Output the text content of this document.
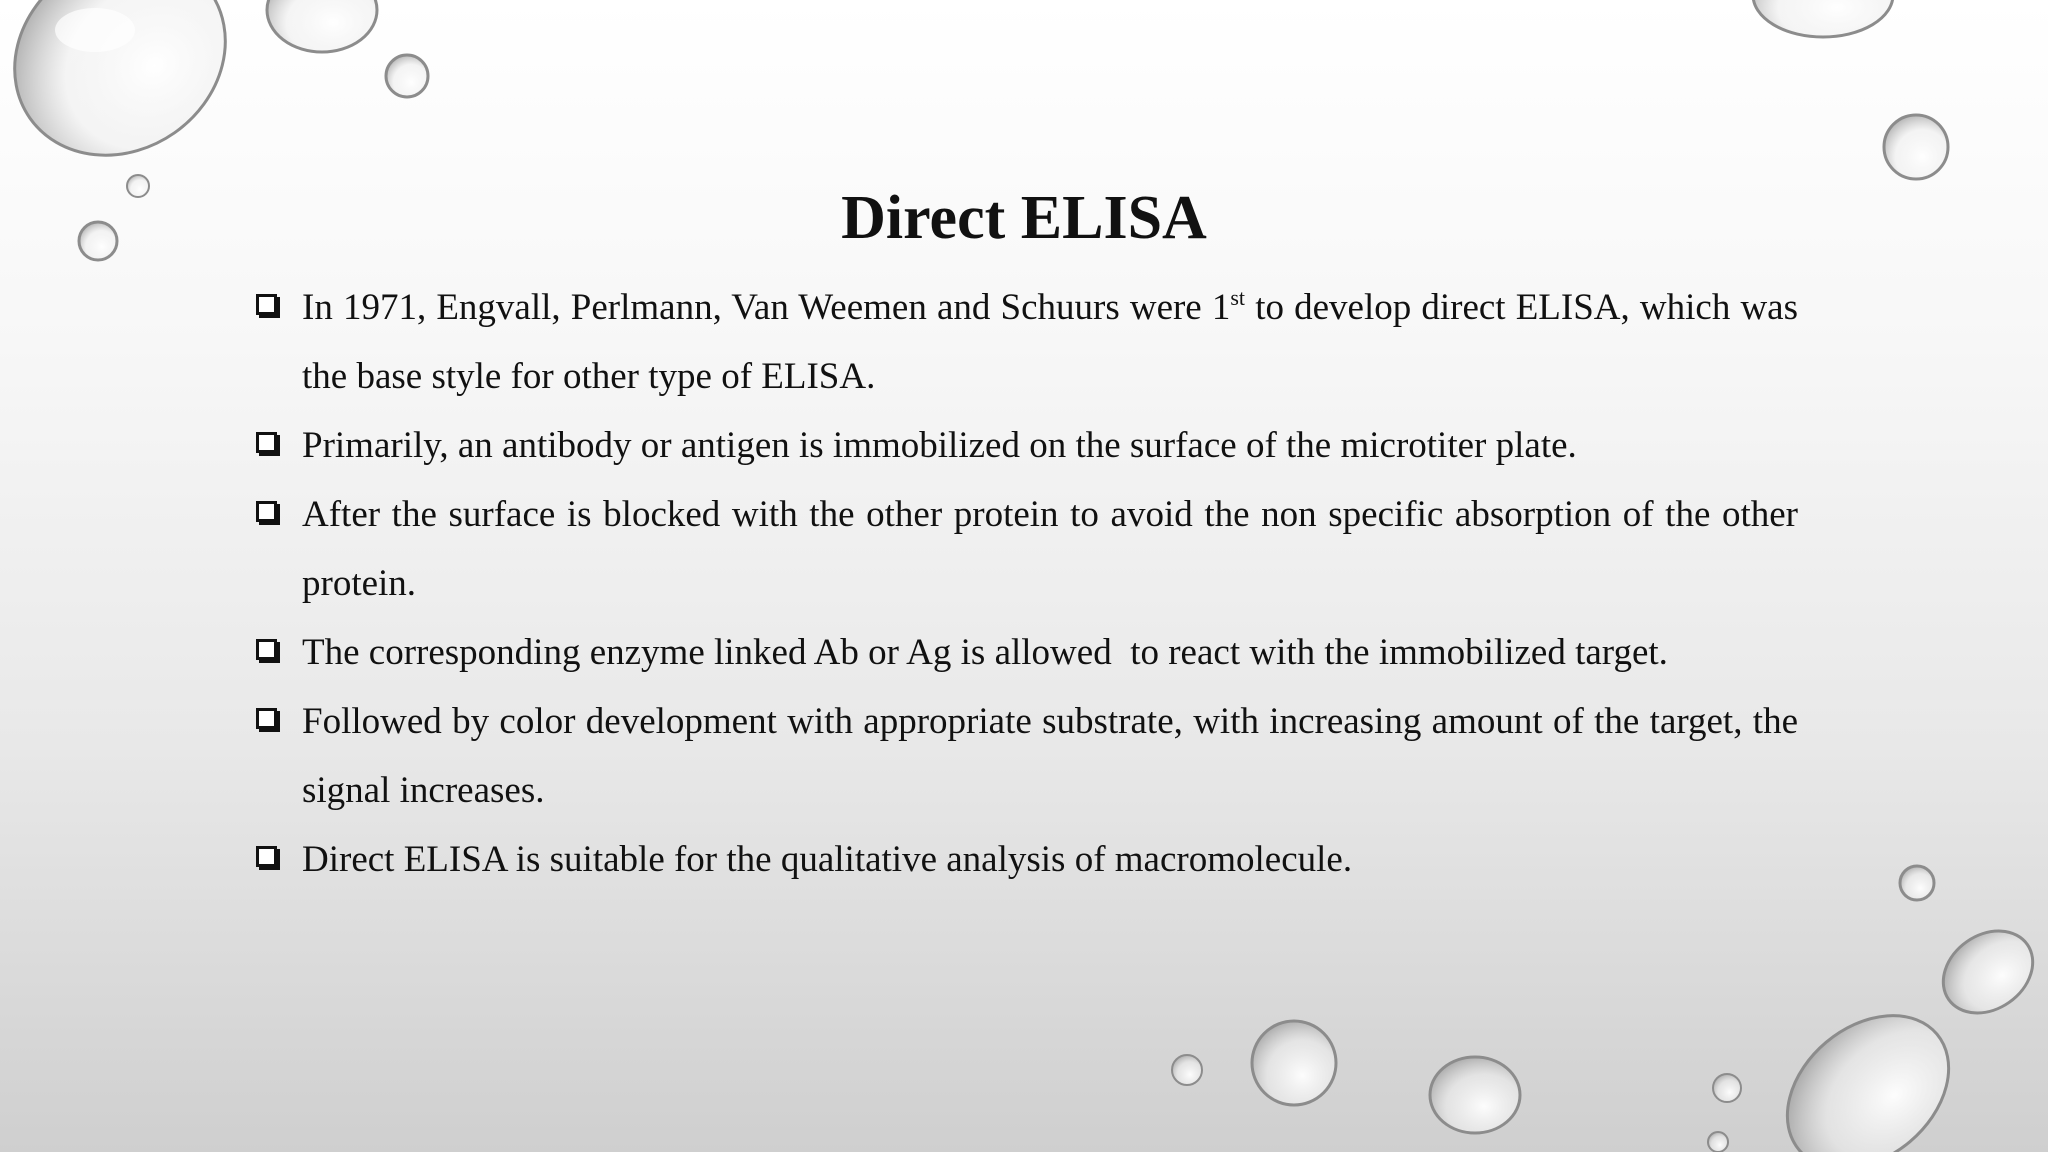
Direct ELISA
In 1971, Engvall, Perlmann, Van Weemen and Schuurs were 1st to develop direct ELISA, which was the base style for other type of ELISA.
Primarily, an antibody or antigen is immobilized on the surface of the microtiter plate.
After the surface is blocked with the other protein to avoid the non specific absorption of the other protein.
The corresponding enzyme linked Ab or Ag is allowed  to react with the immobilized target.
Followed by color development with appropriate substrate, with increasing amount of the target, the signal increases.
Direct ELISA is suitable for the qualitative analysis of macromolecule.
